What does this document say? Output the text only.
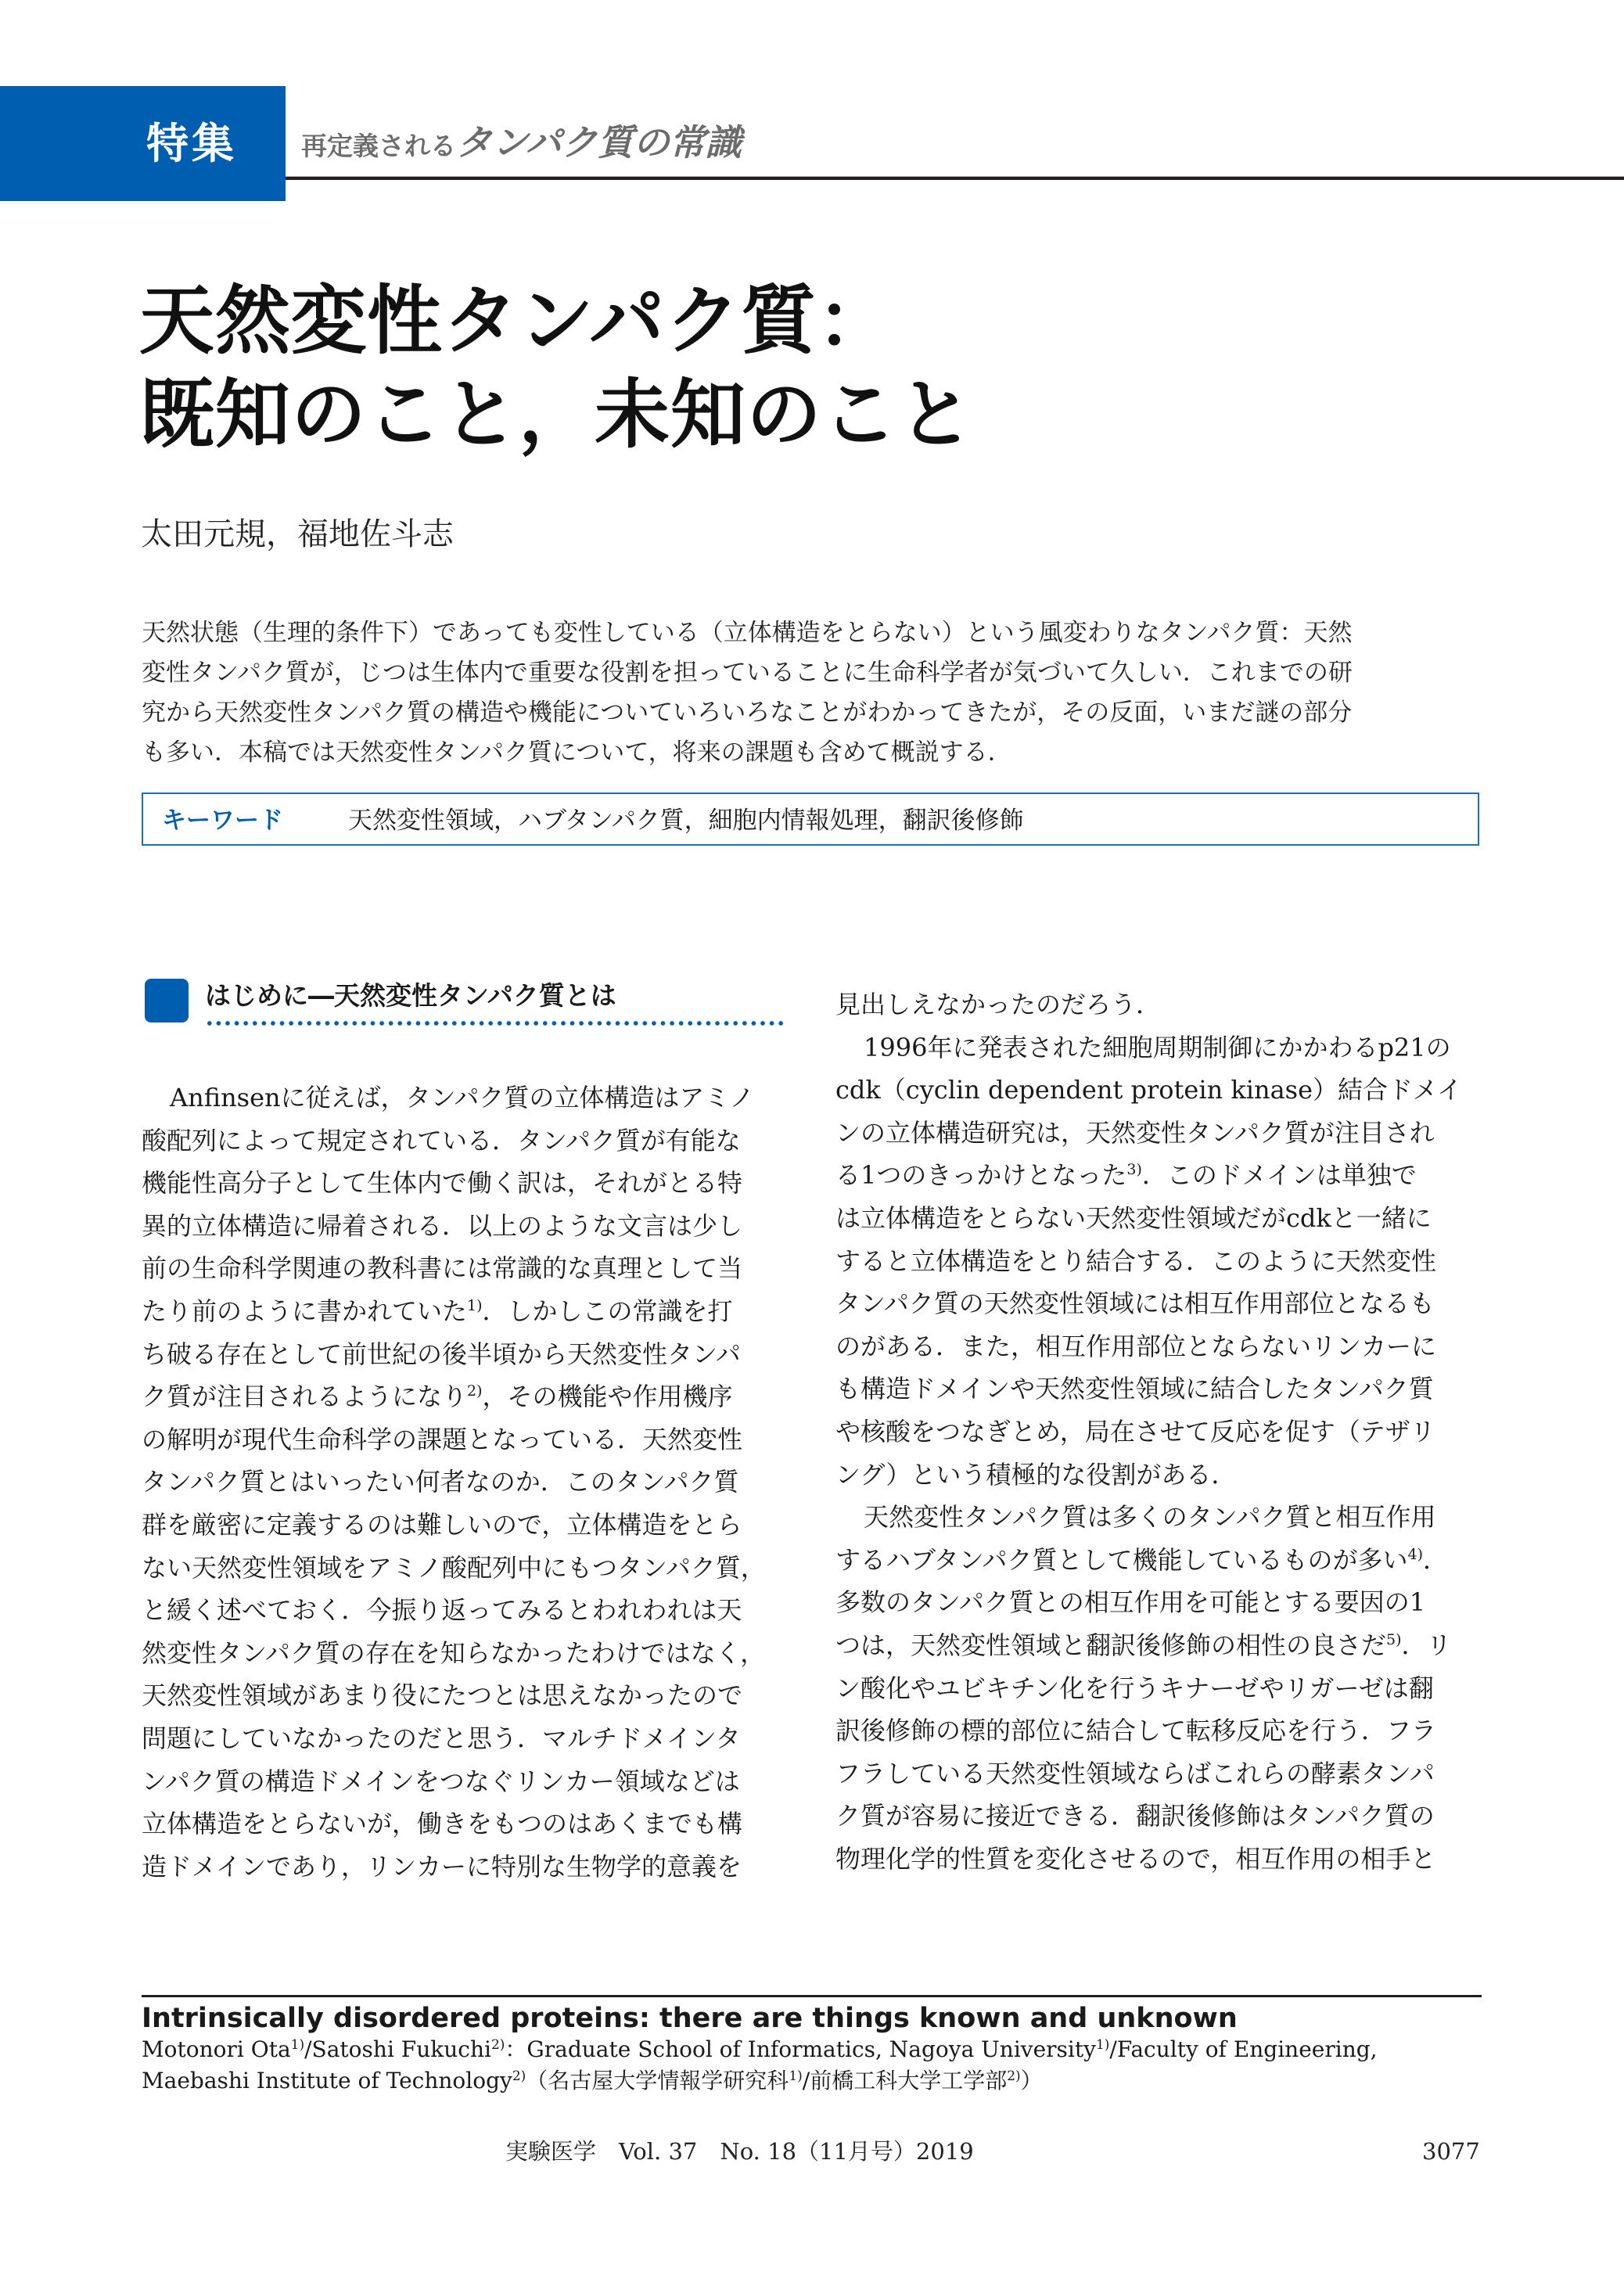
特集 再定義されるタンパク質の常識
天然変性タンパク質：
既知のこと，未知のこと
太田元規，福地佐斗志
天然状態（生理的条件下）であっても変性している（立体構造をとらない）という風変わりなタンパク質：天然
変性タンパク質が，じつは生体内で重要な役割を担っていることに生命科学者が気づいて久しい．これまでの研
究から天然変性タンパク質の構造や機能についていろいろなことがわかってきたが，その反面，いまだ謎の部分
も多い．本稿では天然変性タンパク質について，将来の課題も含めて概説する．
キーワード	天然変性領域，ハブタンパク質，細胞内情報処理，翻訳後修飾
はじめに―天然変性タンパク質とは
Anfinsenに従えば，タンパク質の立体構造はアミノ
酸配列によって規定されている．タンパク質が有能な
機能性高分子として生体内で働く訳は，それがとる特
異的立体構造に帰着される．以上のような文言は少し
前の生命科学関連の教科書には常識的な真理として当
たり前のように書かれていた$^{1)}$．しかしこの常識を打
ち破る存在として前世紀の後半頃から天然変性タンパ
ク質が注目されるようになり$^{2)}$，その機能や作用機序
の解明が現代生命科学の課題となっている．天然変性
タンパク質とはいったい何者なのか．このタンパク質
群を厳密に定義するのは難しいので，立体構造をとら
ない天然変性領域をアミノ酸配列中にもつタンパク質，
と緩く述べておく．今振り返ってみるとわれわれは天
然変性タンパク質の存在を知らなかったわけではなく，
天然変性領域があまり役にたつとは思えなかったので
問題にしていなかったのだと思う．マルチドメインタ
ンパク質の構造ドメインをつなぐリンカー領域などは
立体構造をとらないが，働きをもつのはあくまでも構
造ドメインであり，リンカーに特別な生物学的意義を
見出しえなかったのだろう．
1996年に発表された細胞周期制御にかかわるp21の
cdk（cyclin dependent protein kinase）結合ドメイ
ンの立体構造研究は，天然変性タンパク質が注目され
る1つのきっかけとなった$^{3)}$．このドメインは単独で
は立体構造をとらない天然変性領域だがcdkと一緒に
すると立体構造をとり結合する．このように天然変性
タンパク質の天然変性領域には相互作用部位となるも
のがある．また，相互作用部位とならないリンカーに
も構造ドメインや天然変性領域に結合したタンパク質
や核酸をつなぎとめ，局在させて反応を促す（テザリ
ング）という積極的な役割がある．
天然変性タンパク質は多くのタンパク質と相互作用
するハブタンパク質として機能しているものが多い$^{4)}$．
多数のタンパク質との相互作用を可能とする要因の1
つは，天然変性領域と翻訳後修飾の相性の良さだ$^{5)}$．リ
ン酸化やユビキチン化を行うキナーゼやリガーゼは翻
訳後修飾の標的部位に結合して転移反応を行う．フラ
フラしている天然変性領域ならばこれらの酵素タンパ
ク質が容易に接近できる．翻訳後修飾はタンパク質の
物理化学的性質を変化させるので，相互作用の相手と
Intrinsically disordered proteins: there are things known and unknown
Motonori Ota$^{1)}$/Satoshi Fukuchi$^{2)}$：Graduate School of Informatics, Nagoya University$^{1)}$/Faculty of Engineering,
Maebashi Institute of Technology$^{2)}$（名古屋大学情報学研究科$^{1)}$/前橋工科大学工学部$^{2)}$）
実験医学　Vol. 37　No. 18（11月号）2019	3077
